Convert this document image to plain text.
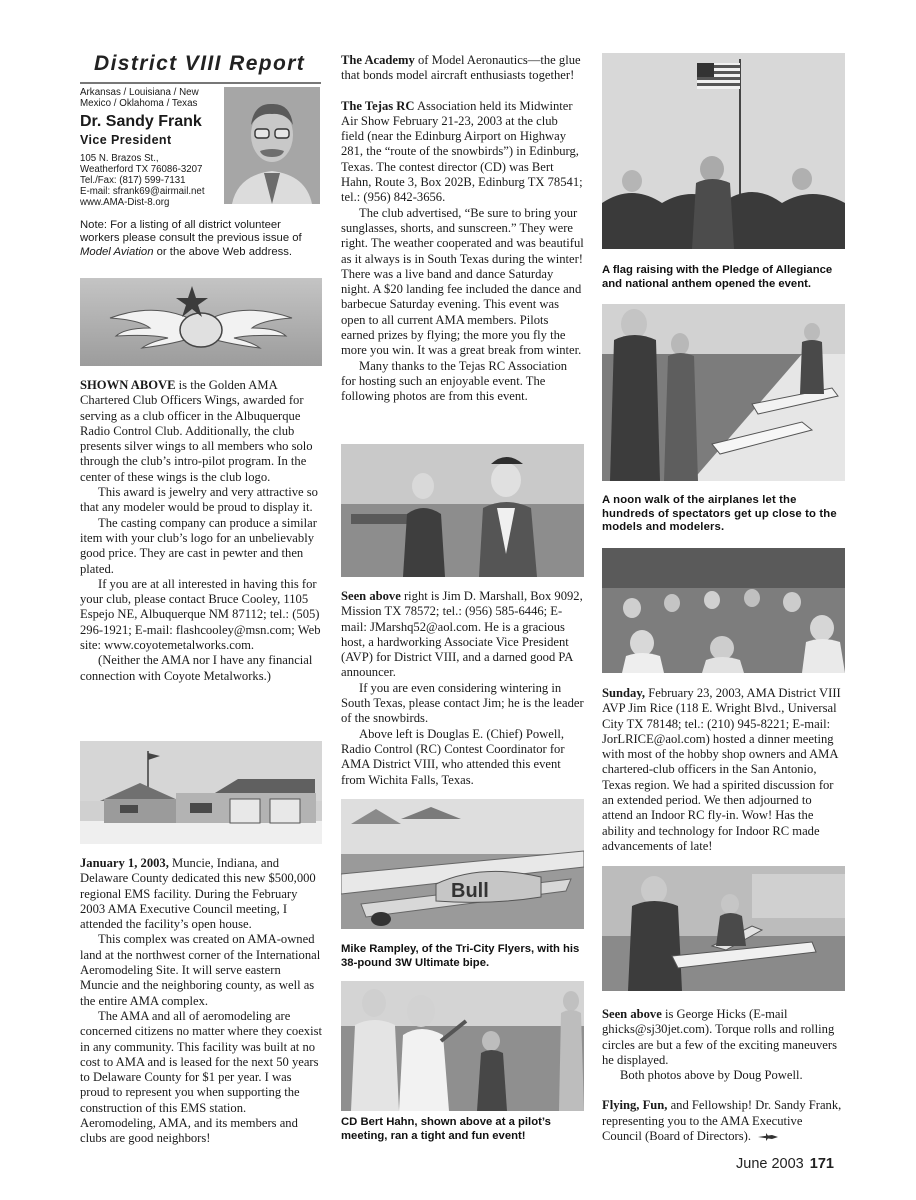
District VIII Report
Arkansas / Louisiana / New Mexico / Oklahoma / Texas
Dr. Sandy Frank
Vice President
105 N. Brazos St.,
Weatherford TX 76086-3207
Tel./Fax: (817) 599-7131
E-mail: sfrank69@airmail.net
www.AMA-Dist-8.org
Note: For a listing of all district volunteer workers please consult the previous issue of Model Aviation or the above Web address.

SHOWN ABOVE is the Golden AMA Chartered Club Officers Wings, awarded for serving as a club officer in the Albuquerque Radio Control Club. Additionally, the club presents silver wings to all members who solo through the club’s intro-pilot program. In the center of these wings is the club logo.

This award is jewelry and very attractive so that any modeler would be proud to display it.

The casting company can produce a similar item with your club’s logo for an unbelievably good price. They are cast in pewter and then plated.

If you are at all interested in having this for your club, please contact Bruce Cooley, 1105 Espejo NE, Albuquerque NM 87112; tel.: (505) 296-1921; E-mail: flashcooley@msn.com; Web site: www.coyotemetalworks.com.

(Neither the AMA nor I have any financial connection with Coyote Metalworks.)

January 1, 2003, Muncie, Indiana, and Delaware County dedicated this new $500,000 regional EMS facility. During the February 2003 AMA Executive Council meeting, I attended the facility’s open house.

This complex was created on AMA-owned land at the northwest corner of the International Aeromodeling Site. It will serve eastern Muncie and the neighboring county, as well as the entire AMA complex.

The AMA and all of aeromodeling are concerned citizens no matter where they coexist in any community. This facility was built at no cost to AMA and is leased for the next 50 years to Delaware County for $1 per year. I was proud to represent you when supporting the construction of this EMS station. Aeromodeling, AMA, and its members and clubs are good neighbors!

The Academy of Model Aeronautics—the glue that bonds model aircraft enthusiasts together!

The Tejas RC Association held its Midwinter Air Show February 21-23, 2003 at the club field (near the Edinburg Airport on Highway 281, the “route of the snowbirds”) in Edinburg, Texas. The contest director (CD) was Bert Hahn, Route 3, Box 202B, Edinburg TX 78541; tel.: (956) 842-3656.

The club advertised, “Be sure to bring your sunglasses, shorts, and sunscreen.” They were right. The weather cooperated and was beautiful as it always is in South Texas during the winter! There was a live band and dance Saturday night. A $20 landing fee included the dance and barbecue Saturday evening. This event was open to all current AMA members. Pilots earned prizes by flying; the more you fly the more you win. It was a great break from winter.

Many thanks to the Tejas RC Association for hosting such an enjoyable event. The following photos are from this event.

Seen above right is Jim D. Marshall, Box 9092, Mission TX 78572; tel.: (956) 585-6446; E-mail: JMarshq52@aol.com. He is a gracious host, a hardworking Associate Vice President (AVP) for District VIII, and a darned good PA announcer.

If you are even considering wintering in South Texas, please contact Jim; he is the leader of the snowbirds.

Above left is Douglas E. (Chief) Powell, Radio Control (RC) Contest Coordinator for AMA District VIII, who attended this event from Wichita Falls, Texas.

Bull
Mike Rampley, of the Tri-City Flyers, with his 38-pound 3W Ultimate bipe.
CD Bert Hahn, shown above at a pilot’s meeting, ran a tight and fun event!
A flag raising with the Pledge of Allegiance and national anthem opened the event.
A noon walk of the airplanes let the hundreds of spectators get up close to the models and modelers.

Sunday, February 23, 2003, AMA District VIII AVP Jim Rice (118 E. Wright Blvd., Universal City TX 78148; tel.: (210) 945-8221; E-mail: JorLRICE@aol.com) hosted a dinner meeting with most of the hobby shop owners and AMA chartered-club officers in the San Antonio, Texas region. We had a spirited discussion for an extended period. We then adjourned to attend an Indoor RC fly-in. Wow! Has the ability and technology for Indoor RC made advancements of late!

Seen above is George Hicks (E-mail ghicks@sj30jet.com). Torque rolls and rolling circles are but a few of the exciting maneuvers he displayed.

Both photos above by Doug Powell.

Flying, Fun, and Fellowship! Dr. Sandy Frank, representing you to the AMA Executive Council (Board of Directors).

June 2003 171
